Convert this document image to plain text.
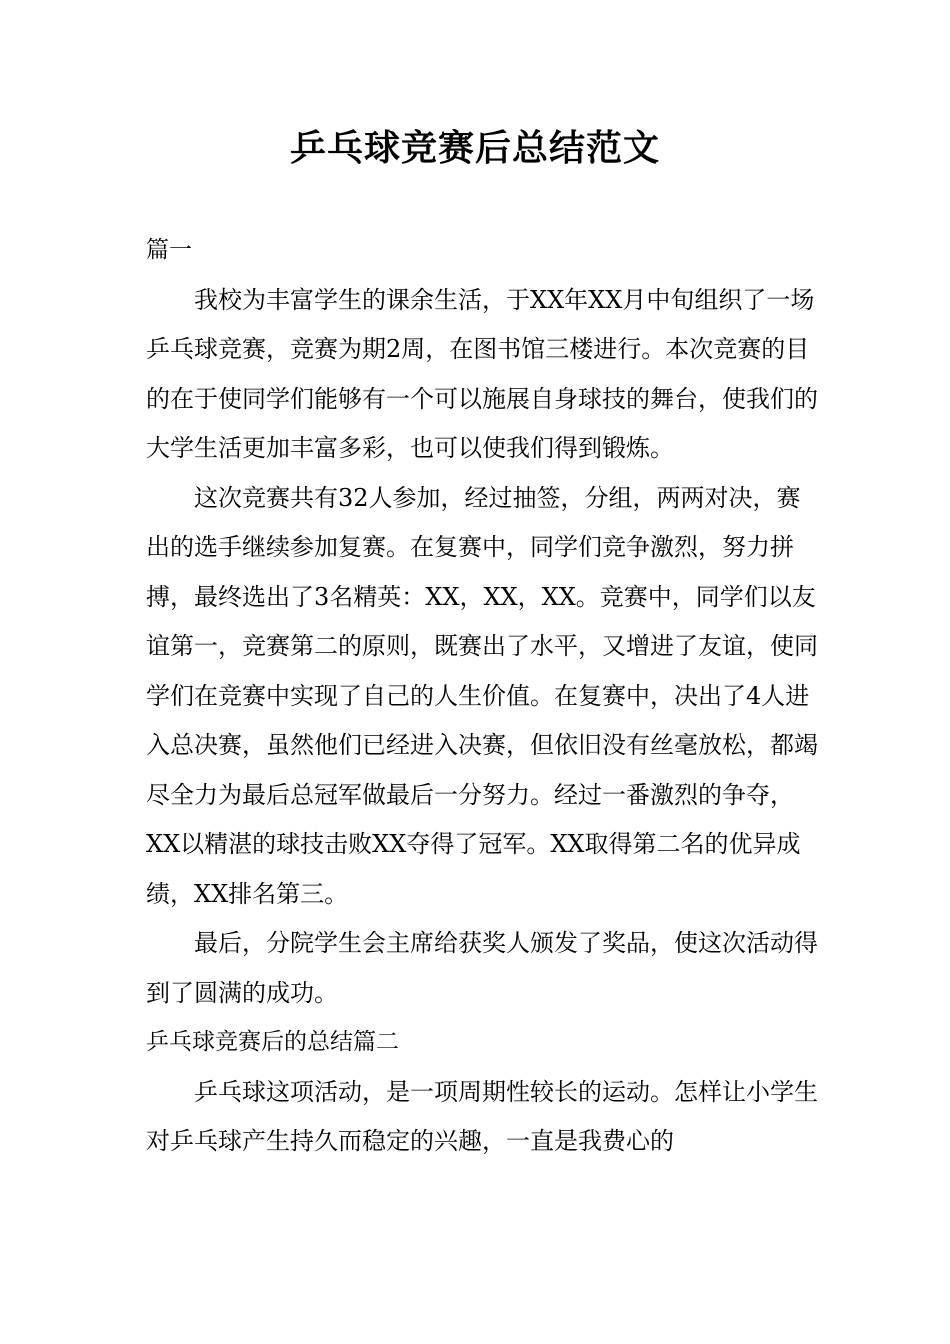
乒乓球竞赛后总结范文

篇一

我校为丰富学生的课余生活，于XX年XX月中旬组织了一场乒乓球竞赛，竞赛为期2周，在图书馆三楼进行。本次竞赛的目的在于使同学们能够有一个可以施展自身球技的舞台，使我们的大学生活更加丰富多彩，也可以使我们得到锻炼。

这次竞赛共有32人参加，经过抽签，分组，两两对决，赛出的选手继续参加复赛。在复赛中，同学们竞争激烈，努力拼搏，最终选出了3名精英：XX，XX，XX。竞赛中，同学们以友谊第一，竞赛第二的原则，既赛出了水平，又增进了友谊，使同学们在竞赛中实现了自己的人生价值。在复赛中，决出了4人进入总决赛，虽然他们已经进入决赛，但依旧没有丝毫放松，都竭尽全力为最后总冠军做最后一分努力。经过一番激烈的争夺，XX以精湛的球技击败XX夺得了冠军。XX取得第二名的优异成绩，XX排名第三。

最后，分院学生会主席给获奖人颁发了奖品，使这次活动得到了圆满的成功。

乒乓球竞赛后的总结篇二

乒乓球这项活动，是一项周期性较长的运动。怎样让小学生对乒乓球产生持久而稳定的兴趣，一直是我费心的
